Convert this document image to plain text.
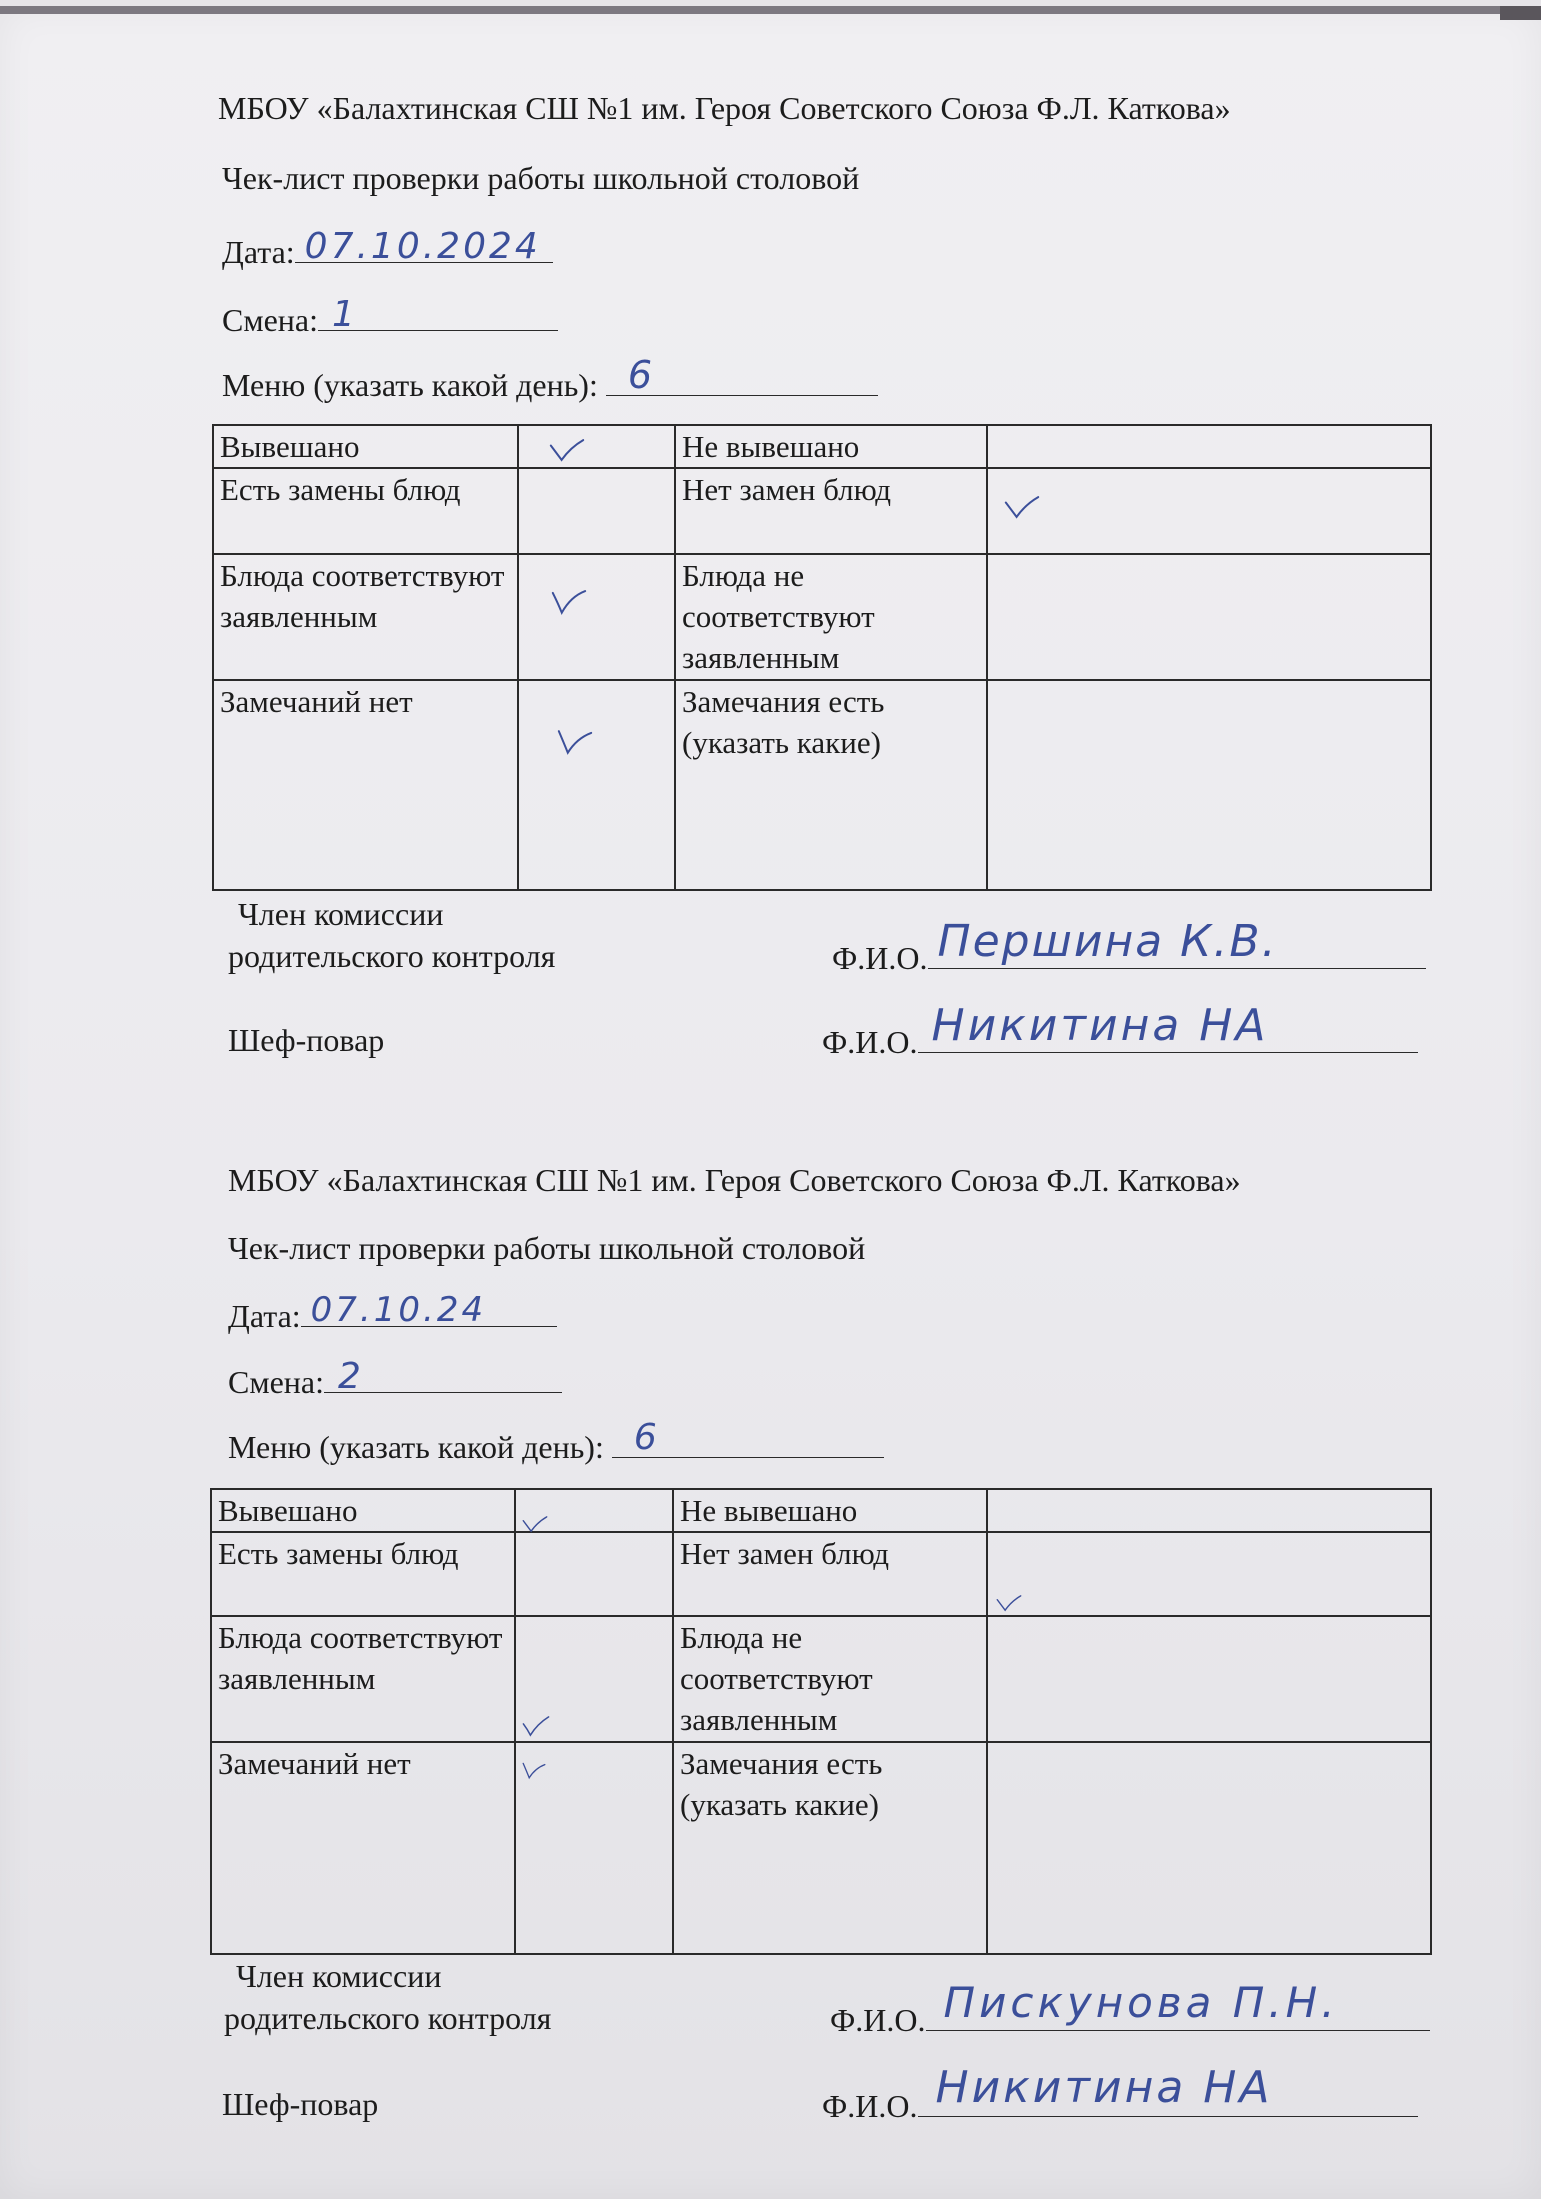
МБОУ «Балахтинская СШ №1 им. Героя Советского Союза Ф.Л. Каткова»
Чек-лист проверки работы школьной столовой
Дата: 07.10.2024
Смена: 1
Меню (указать какой день): 6
Вывешано		Не вывешано	
Есть замены блюд		Нет замен блюд	

Блюда соответствуют заявленным		Блюда не соответствуют заявленным	
Замечаний нет		Замечания есть (указать какие)	
Член комиссии
родительского контроля	Ф.И.О. Першина К.В.
Шеф-повар	Ф.И.О. Никитина НА
МБОУ «Балахтинская СШ №1 им. Героя Советского Союза Ф.Л. Каткова»
Чек-лист проверки работы школьной столовой
Дата: 07.10.24
Смена: 2
Меню (указать какой день): 6
Вывешано		Не вывешано	
Есть замены блюд		Нет замен блюд	

Блюда соответствуют заявленным		Блюда не соответствуют заявленным	
Замечаний нет		Замечания есть (указать какие)	
Член комиссии
родительского контроля	Ф.И.О. Пискунова П.Н.
Шеф-повар	Ф.И.О. Никитина НА
